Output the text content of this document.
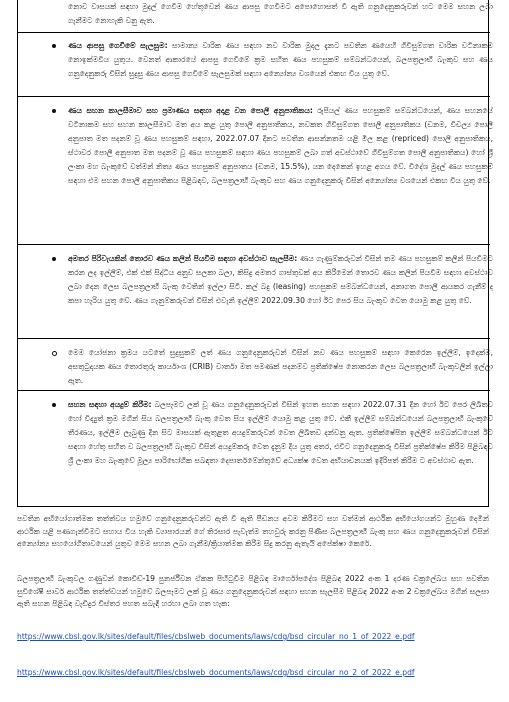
නොව වාසයක් සඳහා මුදල් ගෙවීම හේතුවෙන් ණය ආපසු ගෙවීමට අපොහොසත් වී ඇති ගනුදෙනුකරුවන් හට මෙම සහන ලබා ගැනීමට නොහැකි වනු ඇත.
ණය ආපසු ගෙවීමේ සැලසුම: සාමාන්‍ය වාරික ණය සඳහා නව වාරික මුදල දැනට පවතින ණයෙහි ගිවිසුම්ගත වාරික වටිනාකම නොඉක්මවිය යුතුය. වෙනත් ආකාරයේ ආපසු ගෙවීමේ ක්‍රම සහිත ණය පහසුකම් සම්බන්ධයෙන්, බලපත්‍රලාභී බැංකුව සහ ණය ගනුදෙනුකරු විසින් සුදුසු ණය ආපසු ගෙවීමේ සැලසුමක් සඳහා අන්‍යෝන්‍ය වශයෙන් එකඟ විය යුතු වේ.
ණය සහන කාලසීමාව සහ ප්‍රමාණය සඳහා අදාළ වන පොලී අනුපාතිකය: රුපියල් ණය පහසුකම් සම්බන්ධයෙන්, ණය සහනයේ වටිනාකම සහ සහන කාලසීමාව මත අය කළ යුතු පොලී අනුපාතිකය, නවකත ගිවිසුම්ගත පොලී අනුපාතිකය (ඩනම, විචල්‍ය පොලී අනුපාත මත පදනම් වූ ණය පහසුකම් සඳහා, 2022.07.07 දිනට පවතින ආසන්නතම යළි මිල කළ (repriced) පොලී අනුපාතිකය, ස්ථාවර පොලී අනුපාත මත පදනම් වූ ණය පහසුකම් සඳහා ණය පහසුකම් ලබා ගත් අවස්ථාවේ ගිවිසුම්ගත පොලී අනුපාතිකය) හෝ ශ්‍රී ලංකා මහ බැංකුවේ වත්මන් නිත්‍ය ණය පහසුකම් අනුපාතය (ඩනම, 15.5%), යන දෙකෙන් ඉහළ අගය වේ. විදේශ මුදල් ණය පහසුකම් සඳහා එම සහන පොලී අනුපාතිකය පිළිබඳව, බලපත්‍රලාභී බැංකුව සහ ණය ගනුදෙනුකරු විසින් අන්‍යෝන්‍ය වශයෙන් එකඟ විය යුතු වේ.
අමතර පිරිවැයකින් තොරව ණය කලින් පියවීම සඳහා අවස්ථාව සැලසීම: ණය ගැණුම්කරුවන් විසින් තම ණය පහසුකම් කලින් පියවීමට කරන ලද ඉල්ලීම්, එක් එක් සිද්ධිය අනුව සලකා බලා, කිසිදු අමතර ගාස්තුවක් අය කිරීමෙන් තොරව ණය කලින් පියවීම සඳහා අවස්ථාව ලබා දෙන ලෙස බලපත්‍රලාභී බැංකු වෙතින් ඉල්ලා සිටී. කල් බදු (leasing) පහසුකම් සම්බන්ධයෙන්, අනාගත පොලී ආයකර ගැනීම් ද කපා හැරිය යුතු වේ. ණය ගැනුම්කරුවන් විසින් එවැනි ඉල්ලීම් 2022.09.30 හෝ ඊට පෙර සිය බැංකුව වෙත යොමු කළ යුතු වේ.
මෙම යෝජනා ක්‍රමය යටතේ සුදුසුකම් ලත් ණය ගනුදෙනුකරුවන් විසින් නව ණය පහසුකම් සඳහා කෙරෙන ඉල්ලීම්, ඉදෙක්ම, අසතුටුදායක ණය තොරතුරු කාර්යාංශ (CRIB) වාර්තා මත පමණක් පදනම්ව ප්‍රතික්ෂේප නොකරන ලෙස බලපත්‍රලාභී බැංකුවලින් ඉල්ලා ඇත.
සහන සඳහා අයදුම් කිරීම: බලපෑමට ලක් වූ ණය ගනුදෙනුකරුවන් විසින් ඉහත සහන සඳහා 2022.07.31 දින හෝ ඊට පෙර ලිඛිතව හෝ විද්‍යුත් ක්‍රම මගින් සිය බලපත්‍රලාභී බැංකු වෙත සිය ඉල්ලීම් යොමු කළ යුතු වේ. එකී ඉල්ලීම් සම්බන්ධයෙන් බලපත්‍රලාභී බැංකුවේ තීරණය, ඉල්ලීම ලැබුණු දින සිට මාසයක් ඇතුළත අයදුම්කරුවන් වෙත ලිඛිතව දන්වනු ඇත. ප්‍රතික්ෂේපිත ඉල්ලීම් සම්බන්ධයෙන් ඊට සඳහා හේතු සහිත ව බලපත්‍රලාභී බැංකුව විසින් අයදුම්කරු වෙත දැනුම් දිය යුතු අතර, එවිට ගනුදෙනුකරු විසින් ප්‍රතික්ෂේප කිරීම පිළිබඳව ශ්‍රී ලංකා මහ බැංකුවේ මූල්‍ය පාරිභෝගික සබඳතා දෙපාර්තමේන්තුවේ අධ්‍යක්ෂ වෙත අභියාචනයක් ඉදිරිපත් කිරීම ට අවස්ථාව ඇත.
පවතින අභියෝගාත්මක තත්ත්වය හමුවේ ගනුදෙනුකරුවන්ට ඇති වී ඇති පීඩනය අවම කිරීමට සහ වත්මන් ආර්ථික අභියෝගයන්ට මුහුණ දෙමින් ආර්ථික යළි පණගැන්වීමට සහාය විය හැකි ව්‍යාපාරයන් ගේ තිරසාර පැවැත්ම තහවුරු කරනු පිණිස බලපත්‍රලාභී බැංකු සහ ණය ගනුදෙනුකරුවන් විසින් අන්‍යෝන්‍ය සහයෝගිතාවයෙන් යුතුව මෙම සහන ලබා ගැනීම/ක්‍රියාත්මක කිරීම සිදු කරනු ඇතැයි අපේක්ෂා කෙරේ.
බලපත්‍රලාභී බැංකුවල ගණුවන් කොවිඩ්-19 පුනර්ජීවන ඒකක පිහිටුවීම පිළිබඳ මාර්ගෝපදේශ පිළිබඳ 2022 අංක 1 දරණ චක්‍රලේඛය සහ පවතින සුවිශේෂී සාර්ව ආර්ථික තත්ත්වයන් හමුවේ බලපෑමට ලක් වූ ණය ගනුදෙනුකරුවන් සඳහා සහන සැලසීම පිළිබඳ 2022 අංක 2 චක්‍රලේඛය මගින් සලසා ඇති සහන පිළිබඳ වැඩිදුර විස්තර පහත සබැඳි හරහා ලබා ගත හැක:
https://www.cbsl.gov.lk/sites/default/files/cbslweb_documents/laws/cdg/bsd_circular_no_1_of_2022_e.pdf
https://www.cbsl.gov.lk/sites/default/files/cbslweb_documents/laws/cdg/bsd_circular_no_2_of_2022_e.pdf
